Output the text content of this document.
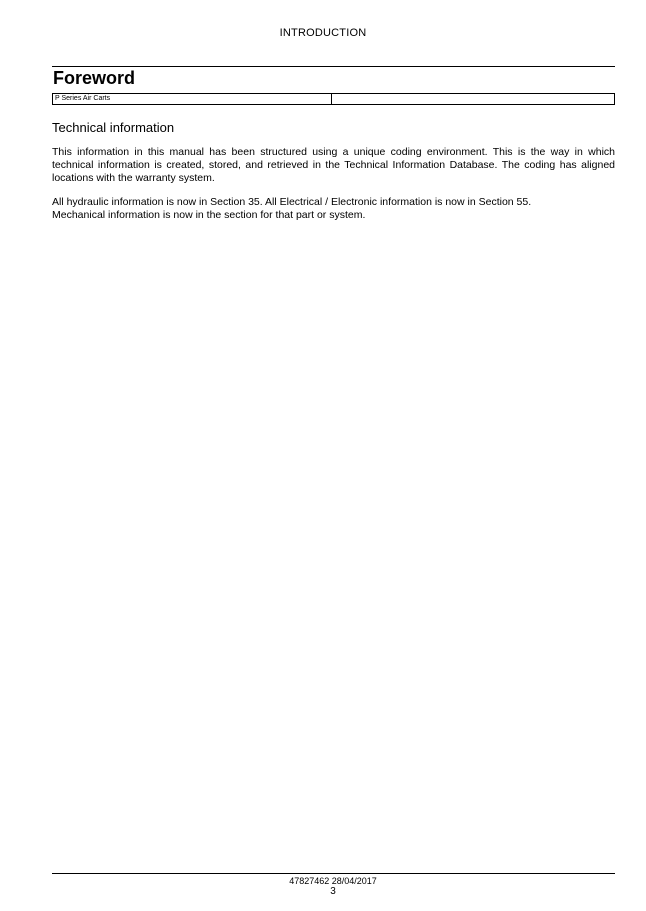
INTRODUCTION
Foreword
P Series Air Carts
Technical information
This information in this manual has been structured using a unique coding environment. This is the way in which technical information is created, stored, and retrieved in the Technical Information Database. The coding has aligned locations with the warranty system.
All hydraulic information is now in Section 35. All Electrical / Electronic information is now in Section 55.
Mechanical information is now in the section for that part or system.
47827462 28/04/2017
3
